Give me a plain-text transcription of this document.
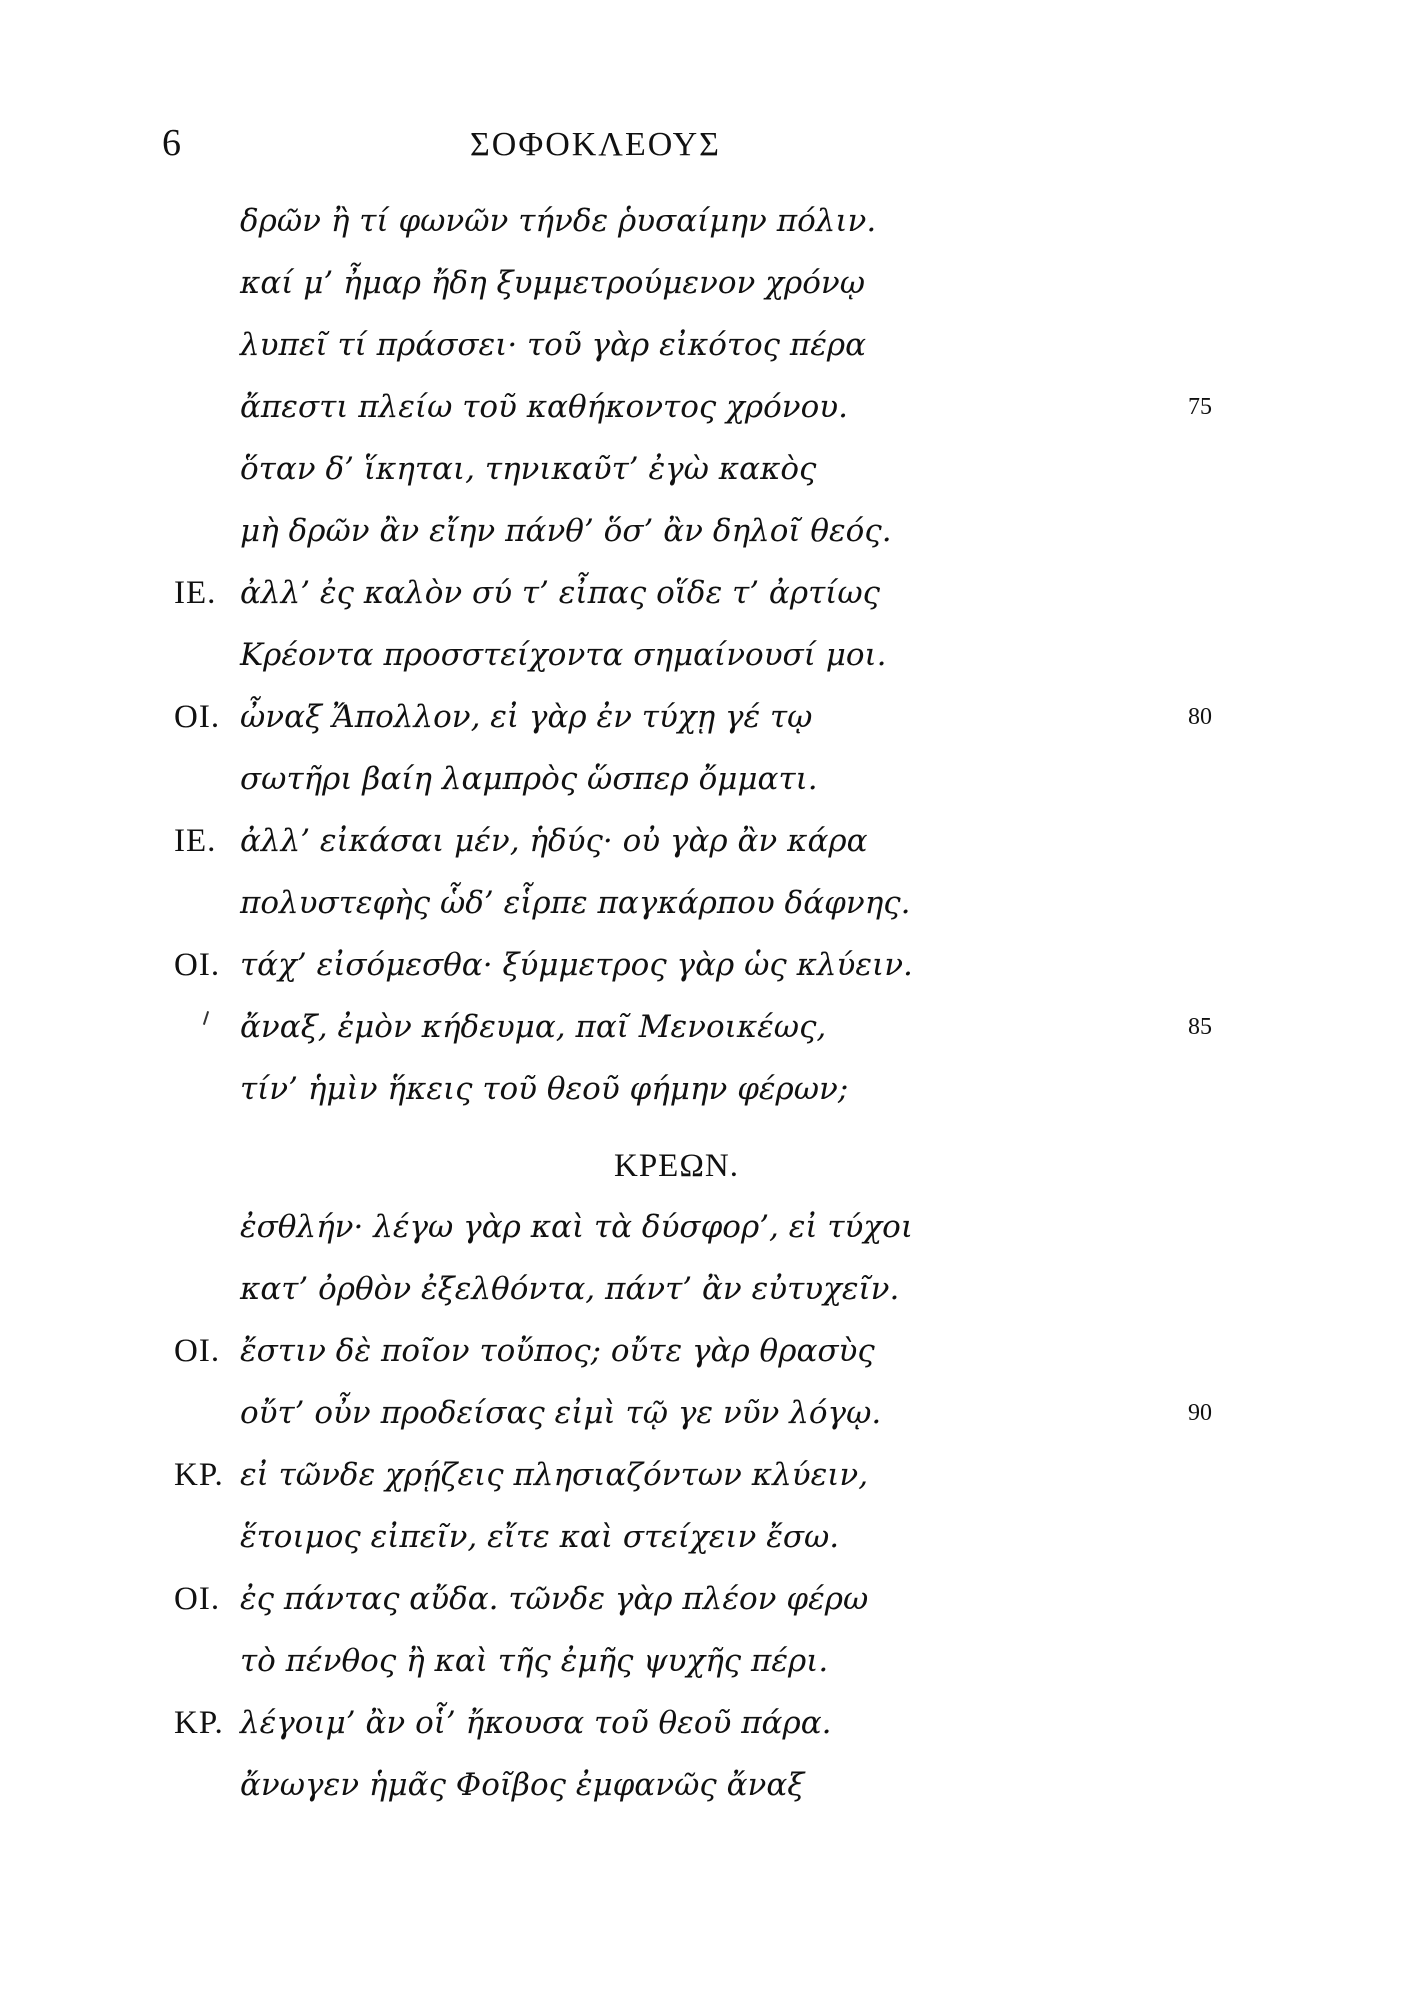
6	ΣΟΦΟΚΛΕΟΥΣ
δρῶν ἢ τί φωνῶν τήνδε ῥυσαίμην πόλιν.
καί μ’ ἦμαρ ἤδη ξυμμετρούμενον χρόνῳ
λυπεῖ τί πράσσει· τοῦ γὰρ εἰκότος πέρα
ἄπεστι πλείω τοῦ καθήκοντος χρόνου.	75
ὅταν δ’ ἵκηται, τηνικαῦτ’ ἐγὼ κακὸς
μὴ δρῶν ἂν εἴην πάνθ’ ὅσ’ ἂν δηλοῖ θεός.
ΙΕ. ἀλλ’ ἐς καλὸν σύ τ’ εἶπας οἵδε τ’ ἀρτίως
Κρέοντα προσστείχοντα σημαίνουσί μοι.
ΟΙ. ὦναξ Ἄπολλον, εἰ γὰρ ἐν τύχῃ γέ τῳ	80
σωτῆρι βαίη λαμπρὸς ὥσπερ ὄμματι.
ΙΕ. ἀλλ’ εἰκάσαι μέν, ἡδύς· οὐ γὰρ ἂν κάρα
πολυστεφὴς ὧδ’ εἷρπε παγκάρπου δάφνης.
ΟΙ. τάχ’ εἰσόμεσθα· ξύμμετρος γὰρ ὡς κλύειν.
ἄναξ, ἐμὸν κήδευμα, παῖ Μενοικέως,	85
τίν’ ἡμὶν ἥκεις τοῦ θεοῦ φήμην φέρων;
ΚΡΕΩΝ.
ἐσθλήν· λέγω γὰρ καὶ τὰ δύσφορ’, εἰ τύχοι
κατ’ ὀρθὸν ἐξελθόντα, πάντ’ ἂν εὐτυχεῖν.
ΟΙ. ἔστιν δὲ ποῖον τοὔπος; οὔτε γὰρ θρασὺς
οὔτ’ οὖν προδείσας εἰμὶ τῷ γε νῦν λόγῳ.	90
ΚΡ. εἰ τῶνδε χρῄζεις πλησιαζόντων κλύειν,
ἕτοιμος εἰπεῖν, εἴτε καὶ στείχειν ἔσω.
ΟΙ. ἐς πάντας αὔδα. τῶνδε γὰρ πλέον φέρω
τὸ πένθος ἢ καὶ τῆς ἐμῆς ψυχῆς πέρι.
ΚΡ. λέγοιμ’ ἂν οἷ’ ἤκουσα τοῦ θεοῦ πάρα.
ἄνωγεν ἡμᾶς Φοῖβος ἐμφανῶς ἄναξ
